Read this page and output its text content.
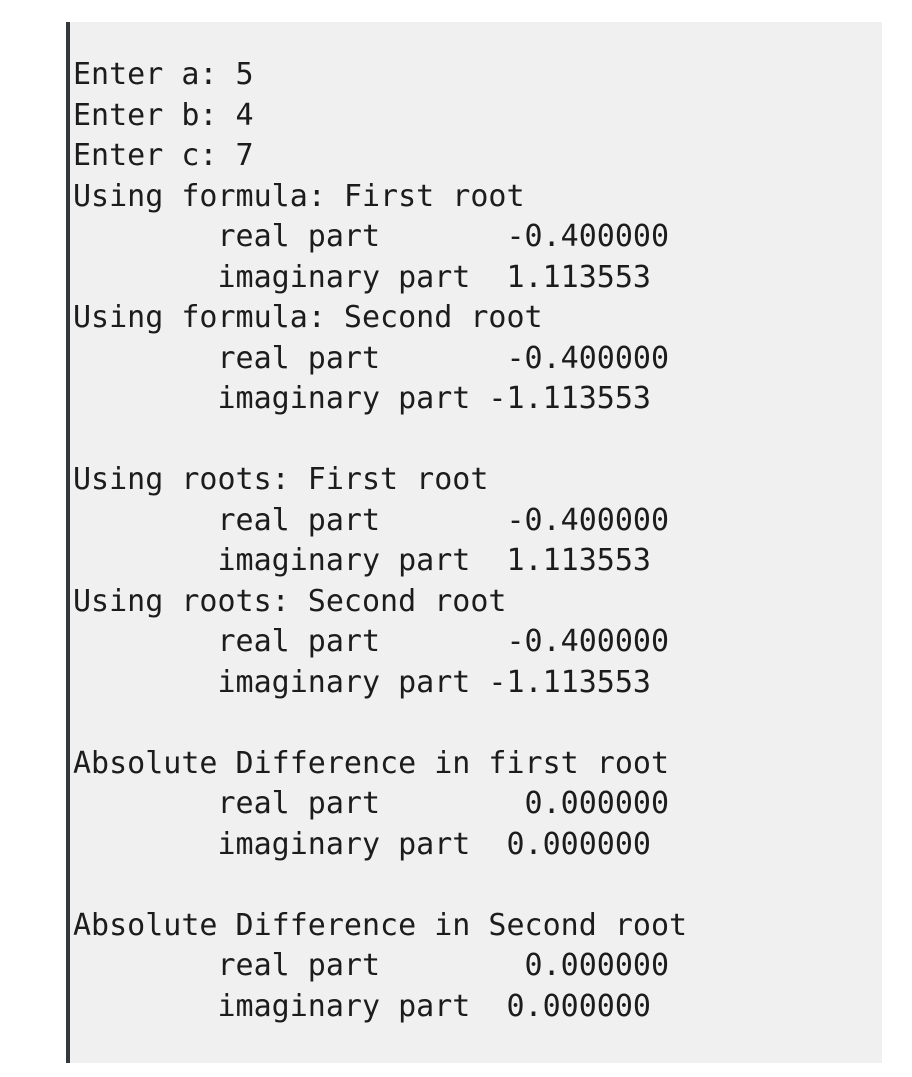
Enter a: 5
Enter b: 4
Enter c: 7
Using formula: First root
real part       -0.400000
imaginary part  1.113553
Using formula: Second root
real part       -0.400000
imaginary part -1.113553
Using roots: First root
real part       -0.400000
imaginary part  1.113553
Using roots: Second root
real part       -0.400000
imaginary part -1.113553
Absolute Difference in first root
real part        0.000000
imaginary part  0.000000
Absolute Difference in Second root
real part        0.000000
imaginary part  0.000000
